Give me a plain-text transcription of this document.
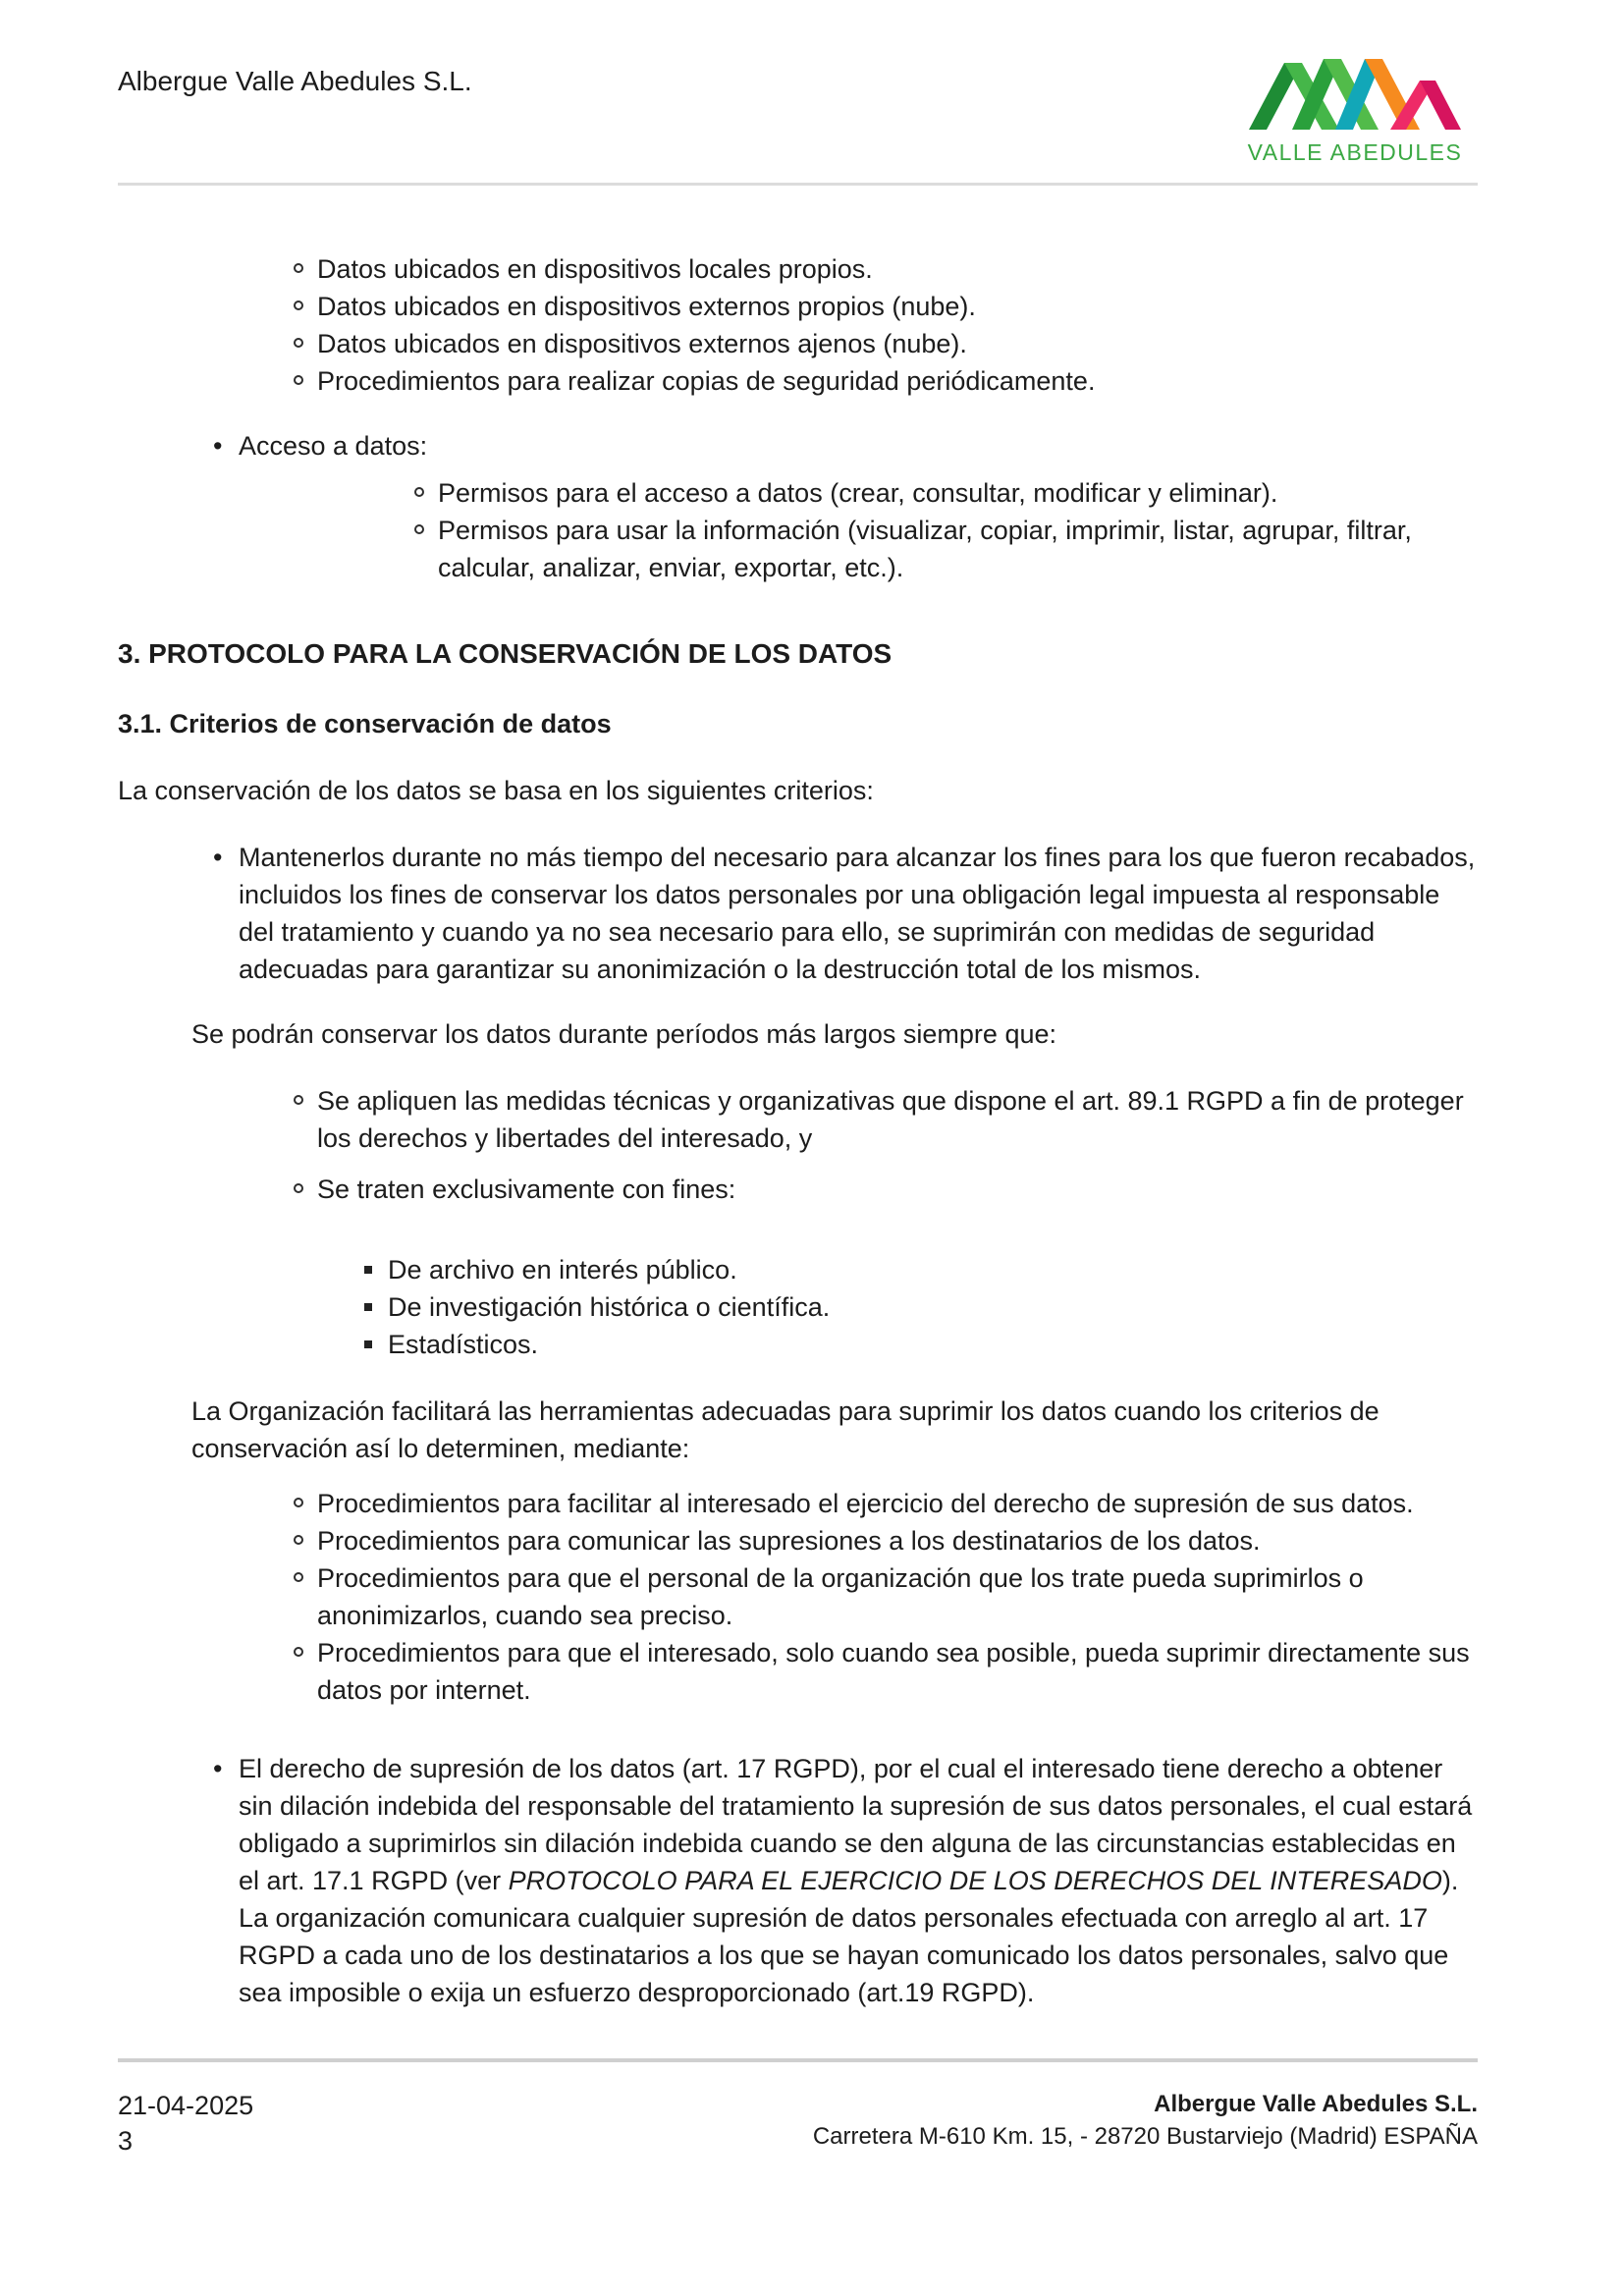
Albergue Valle Abedules S.L.
VALLE ABEDULES
Datos ubicados en dispositivos locales propios.
Datos ubicados en dispositivos externos propios (nube).
Datos ubicados en dispositivos externos ajenos (nube).
Procedimientos para realizar copias de seguridad periódicamente.
• Acceso a datos:
Permisos para el acceso a datos (crear, consultar, modificar y eliminar).
Permisos para usar la información (visualizar, copiar, imprimir, listar, agrupar, filtrar, calcular, analizar, enviar, exportar, etc.).
3. PROTOCOLO PARA LA CONSERVACIÓN DE LOS DATOS
3.1. Criterios de conservación de datos

La conservación de los datos se basa en los siguientes criterios:

• Mantenerlos durante no más tiempo del necesario para alcanzar los fines para los que fueron recabados, incluidos los fines de conservar los datos personales por una obligación legal impuesta al responsable del tratamiento y cuando ya no sea necesario para ello, se suprimirán con medidas de seguridad adecuadas para garantizar su anonimización o la destrucción total de los mismos.

Se podrán conservar los datos durante períodos más largos siempre que:

Se apliquen las medidas técnicas y organizativas que dispone el art. 89.1 RGPD a fin de proteger los derechos y libertades del interesado, y
Se traten exclusivamente con fines:
De archivo en interés público.
De investigación histórica o científica.
Estadísticos.

La Organización facilitará las herramientas adecuadas para suprimir los datos cuando los criterios de conservación así lo determinen, mediante:

Procedimientos para facilitar al interesado el ejercicio del derecho de supresión de sus datos.
Procedimientos para comunicar las supresiones a los destinatarios de los datos.
Procedimientos para que el personal de la organización que los trate pueda suprimirlos o anonimizarlos, cuando sea preciso.
Procedimientos para que el interesado, solo cuando sea posible, pueda suprimir directamente sus datos por internet.
• El derecho de supresión de los datos (art. 17 RGPD), por el cual el interesado tiene derecho a obtener sin dilación indebida del responsable del tratamiento la supresión de sus datos personales, el cual estará obligado a suprimirlos sin dilación indebida cuando se den alguna de las circunstancias establecidas en el art. 17.1 RGPD (ver PROTOCOLO PARA EL EJERCICIO DE LOS DERECHOS DEL INTERESADO).
La organización comunicara cualquier supresión de datos personales efectuada con arreglo al art. 17 RGPD a cada uno de los destinatarios a los que se hayan comunicado los datos personales, salvo que sea imposible o exija un esfuerzo desproporcionado (art.19 RGPD).
21-04-2025
3
Albergue Valle Abedules S.L.
Carretera M-610 Km. 15, - 28720 Bustarviejo (Madrid) ESPAÑA
